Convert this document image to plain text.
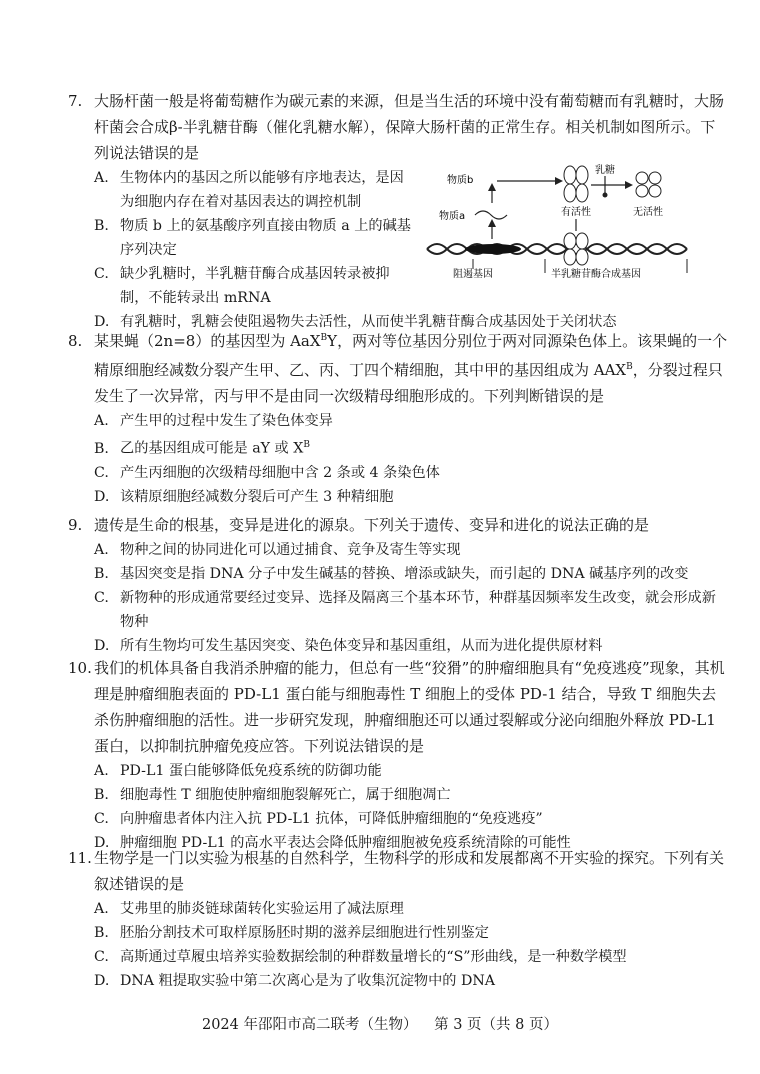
7. 大肠杆菌一般是将葡萄糖作为碳元素的来源，但是当生活的环境中没有葡萄糖而有乳糖时，大肠杆菌会合成β-半乳糖苷酶（催化乳糖水解），保障大肠杆菌的正常生存。相关机制如图所示。下列说法错误的是

A. 生物体内的基因之所以能够有序地表达，是因为细胞内存在着对基因表达的调控机制

B. 物质 b 上的氨基酸序列直接由物质 a 上的碱基序列决定

C. 缺少乳糖时，半乳糖苷酶合成基因转录被抑制，不能转录出 mRNA

D. 有乳糖时，乳糖会使阻遏物失去活性，从而使半乳糖苷酶合成基因处于关闭状态

乳糖
物质b
有活性	无活性
物质a
阻遏基因	半乳糖苷酶合成基因

8. 某果蝇（2n=8）的基因型为 AaX$^B$Y，两对等位基因分别位于两对同源染色体上。该果蝇的一个精原细胞经减数分裂产生甲、乙、丙、丁四个精细胞，其中甲的基因组成为 $AAX^B$，分裂过程只发生了一次异常，丙与甲不是由同一次级精母细胞形成的。下列判断错误的是

A. 产生甲的过程中发生了染色体变异

B. 乙的基因组成可能是 aY 或 $X^B$

C. 产生丙细胞的次级精母细胞中含 2 条或 4 条染色体

D. 该精原细胞经减数分裂后可产生 3 种精细胞

9. 遗传是生命的根基，变异是进化的源泉。下列关于遗传、变异和进化的说法正确的是

A. 物种之间的协同进化可以通过捕食、竞争及寄生等实现

B. 基因突变是指 DNA 分子中发生碱基的替换、增添或缺失，而引起的 DNA 碱基序列的改变

C. 新物种的形成通常要经过变异、选择及隔离三个基本环节，种群基因频率发生改变，就会形成新物种

D. 所有生物均可发生基因突变、染色体变异和基因重组，从而为进化提供原材料

10. 我们的机体具备自我消杀肿瘤的能力，但总有一些“狡猾”的肿瘤细胞具有“免疫逃疫”现象，其机理是肿瘤细胞表面的 PD-L1 蛋白能与细胞毒性 T 细胞上的受体 PD-1 结合，导致 T 细胞失去杀伤肿瘤细胞的活性。进一步研究发现，肿瘤细胞还可以通过裂解或分泌向细胞外释放 PD-L1 蛋白，以抑制抗肿瘤免疫应答。下列说法错误的是

A. PD-L1 蛋白能够降低免疫系统的防御功能

B. 细胞毒性 T 细胞使肿瘤细胞裂解死亡，属于细胞凋亡

C. 向肿瘤患者体内注入抗 PD-L1 抗体，可降低肿瘤细胞的“免疫逃疫”

D. 肿瘤细胞 PD-L1 的高水平表达会降低肿瘤细胞被免疫系统清除的可能性

11. 生物学是一门以实验为根基的自然科学，生物科学的形成和发展都离不开实验的探究。下列有关叙述错误的是

A. 艾弗里的肺炎链球菌转化实验运用了减法原理

B. 胚胎分割技术可取样原肠胚时期的滋养层细胞进行性别鉴定

C. 高斯通过草履虫培养实验数据绘制的种群数量增长的“S”形曲线，是一种数学模型

D. DNA 粗提取实验中第二次离心是为了收集沉淀物中的 DNA

2024 年邵阳市高二联考（生物） 第 3 页（共 8 页）
